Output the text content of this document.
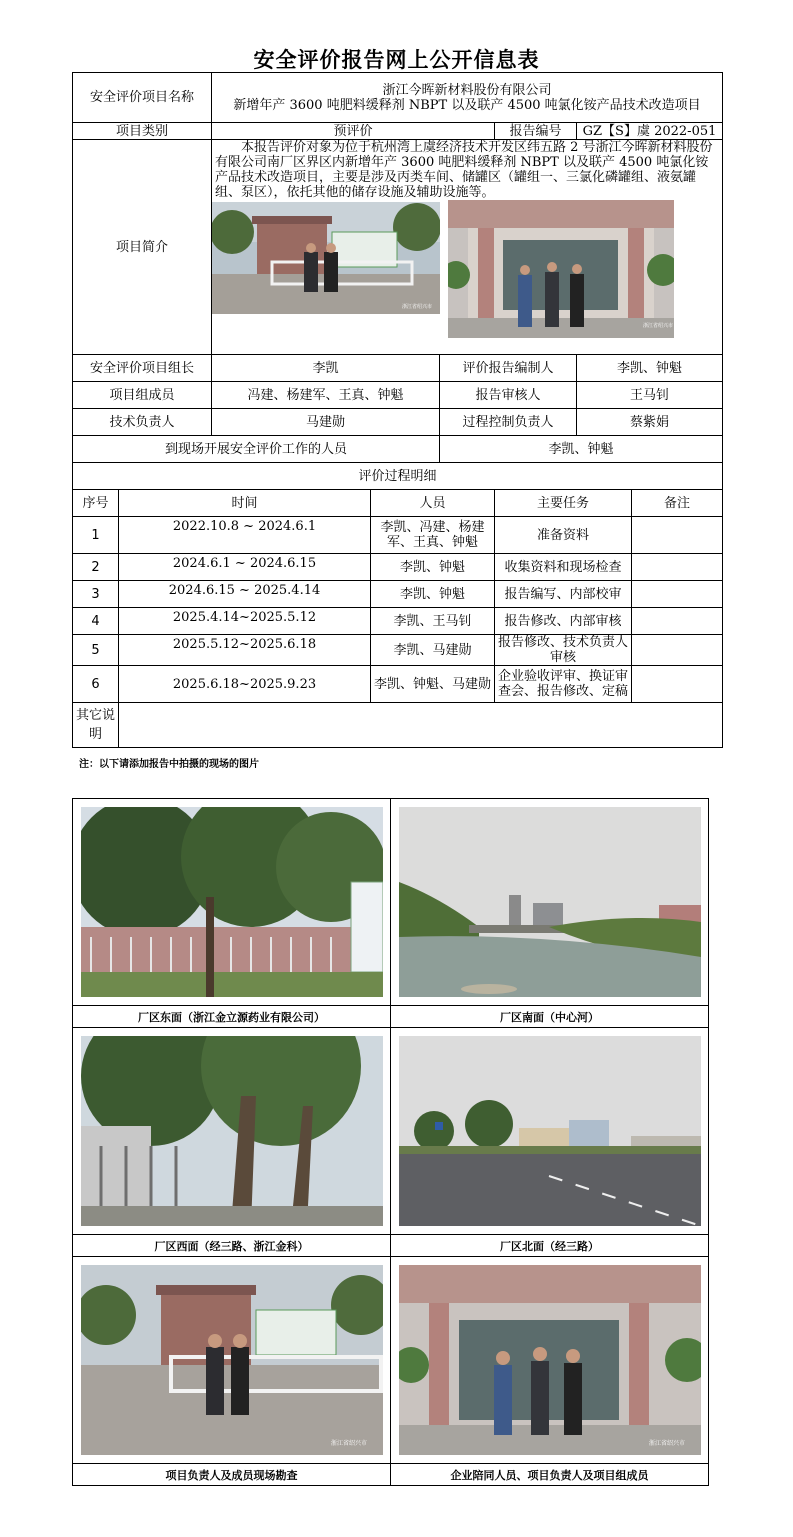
安全评价报告网上公开信息表
安全评价项目名称		浙江今晖新材料股份有限公司
新增年产 3600 吨肥料缓释剂 NBPT 以及联产 4500 吨氯化铵产品技术改造项目					

项目类别		预评价			报告编号	GZ【S】虞 2022-051	
项目简介		本报告评价对象为位于杭州湾上虞经济技术开发区纬五路 2 号浙江今晖新材料股份有限公司南厂区界区内新增年产 3600 吨肥料缓释剂 NBPT 以及联产 4500 吨氯化铵产品技术改造项目，主要是涉及丙类车间、储罐区（罐组一、三氯化磷罐组、液氨罐组、泵区），依托其他的储存设施及辅助设施等。
浙江省绍兴市
浙江省绍兴市					

安全评价项目组长		李凯		评价报告编制人		李凯、钟魁	
项目组成员		冯建、杨建军、王真、钟魁		报告审核人		王马钊	
技术负责人		马建勋		过程控制负责人		蔡紫娟	
到现场开展安全评价工作的人员				李凯、钟魁			
评价过程明细							
序号	时间		人员		主要任务		备注
1	2022.10.8 ~ 2024.6.1		李凯、冯建、杨建军、王真、钟魁		准备资料		
2	2024.6.1 ~ 2024.6.15		李凯、钟魁		收集资料和现场检查		
3	2024.6.15 ~ 2025.4.14		李凯、钟魁		报告编写、内部校审		
4	2025.4.14~2025.5.12		李凯、王马钊		报告修改、内部审核		
5	2025.5.12~2025.6.18		李凯、马建勋		报告修改、技术负责人审核		
6	2025.6.18~2025.9.23		李凯、钟魁、马建勋		企业验收评审、换证审查会、报告修改、定稿		
其它说明							
注：以下请添加报告中拍摄的现场的图片

厂区东面（浙江金立源药业有限公司）	厂区南面（中心河）

厂区西面（经三路、浙江金科）	厂区北面（经三路）

浙江省绍兴市	浙江省绍兴市

项目负责人及成员现场勘查	企业陪同人员、项目负责人及项目组成员
